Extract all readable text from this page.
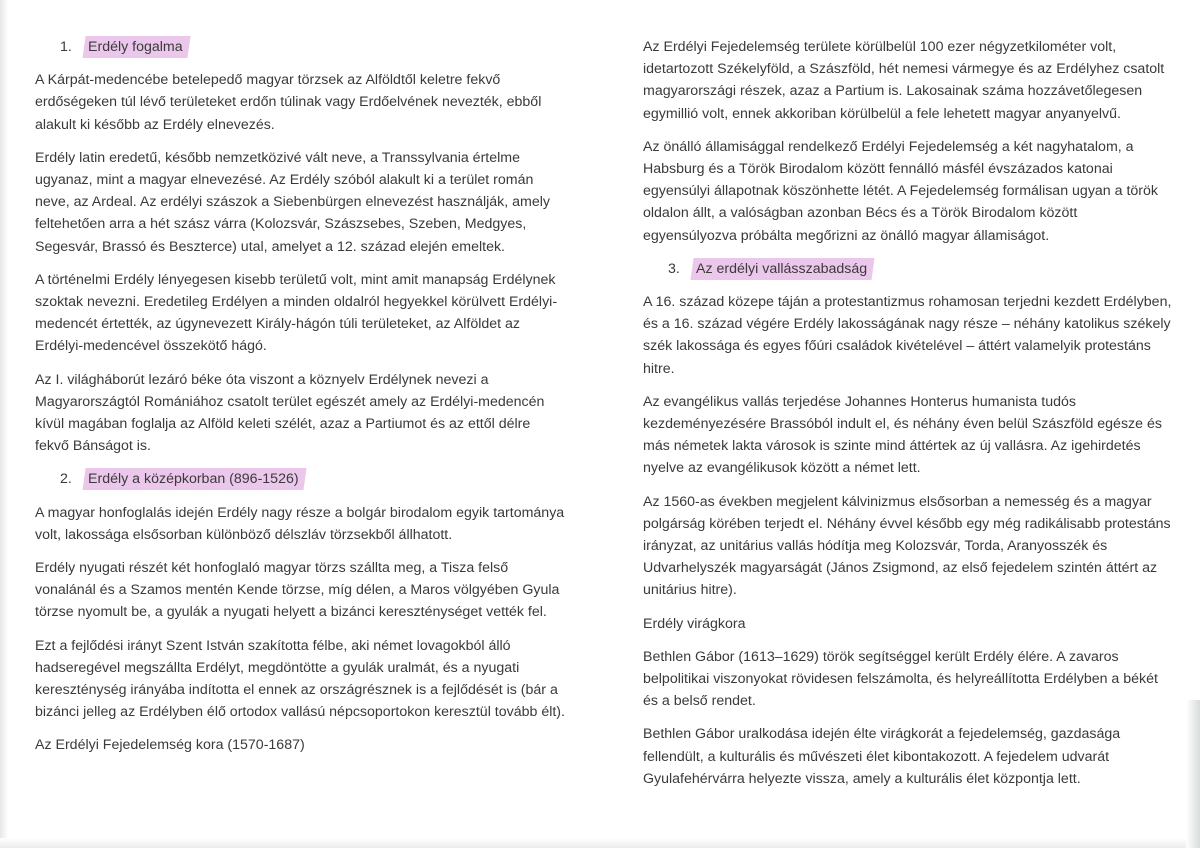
1.	Erdély fogalma

A Kárpát-medencébe betelepedő magyar törzsek az Alföldtől keletre fekvő erdőségeken túl lévő területeket erdőn túlinak vagy Erdőelvének nevezték, ebből alakult ki később az Erdély elnevezés.

Erdély latin eredetű, később nemzetközivé vált neve, a Transsylvania értelme ugyanaz, mint a magyar elnevezésé. Az Erdély szóból alakult ki a terület román neve, az Ardeal. Az erdélyi szászok a Siebenbürgen elnevezést használják, amely feltehetően arra a hét szász várra (Kolozsvár, Szászsebes, Szeben, Medgyes, Segesvár, Brassó és Beszterce) utal, amelyet a 12. század elején emeltek.

A történelmi Erdély lényegesen kisebb területű volt, mint amit manapság Erdélynek szoktak nevezni. Eredetileg Erdélyen a minden oldalról hegyekkel körülvett Erdélyi-medencét értették, az úgynevezett Király-hágón túli területeket, az Alföldet az Erdélyi-medencével összekötő hágó.

Az I. világháborút lezáró béke óta viszont a köznyelv Erdélynek nevezi a Magyarországtól Romániához csatolt terület egészét amely az Erdélyi-medencén kívül magában foglalja az Alföld keleti szélét, azaz a Partiumot és az ettől délre fekvő Bánságot is.

2.	Erdély a középkorban (896-1526)

A magyar honfoglalás idején Erdély nagy része a bolgár birodalom egyik tartománya volt, lakossága elsősorban különböző délszláv törzsekből állhatott.

Erdély nyugati részét két honfoglaló magyar törzs szállta meg, a Tisza felső vonalánál és a Szamos mentén Kende törzse, míg délen, a Maros völgyében Gyula törzse nyomult be, a gyulák a nyugati helyett a bizánci kereszténységet vették fel.

Ezt a fejlődési irányt Szent István szakította félbe, aki német lovagokból álló hadseregével megszállta Erdélyt, megdöntötte a gyulák uralmát, és a nyugati kereszténység irányába indította el ennek az országrésznek is a fejlődését is (bár a bizánci jelleg az Erdélyben élő ortodox vallású népcsoportokon keresztül tovább élt).

Az Erdélyi Fejedelemség kora (1570-1687)

Az Erdélyi Fejedelemség területe körülbelül 100 ezer négyzetkilométer volt, idetartozott Székelyföld, a Szászföld, hét nemesi vármegye és az Erdélyhez csatolt magyarországi részek, azaz a Partium is. Lakosainak száma hozzávetőlegesen egymillió volt, ennek akkoriban körülbelül a fele lehetett magyar anyanyelvű.

Az önálló államisággal rendelkező Erdélyi Fejedelemség a két nagyhatalom, a Habsburg és a Török Birodalom között fennálló másfél évszázados katonai egyensúlyi állapotnak köszönhette létét. A Fejedelemség formálisan ugyan a török oldalon állt, a valóságban azonban Bécs és a Török Birodalom között egyensúlyozva próbálta megőrizni az önálló magyar államiságot.

3.	Az erdélyi vallásszabadság

A 16. század közepe táján a protestantizmus rohamosan terjedni kezdett Erdélyben, és a 16. század végére Erdély lakosságának nagy része – néhány katolikus székely szék lakossága és egyes főúri családok kivételével – áttért valamelyik protestáns hitre.

Az evangélikus vallás terjedése Johannes Honterus humanista tudós kezdeményezésére Brassóból indult el, és néhány éven belül Szászföld egésze és más németek lakta városok is szinte mind áttértek az új vallásra. Az igehirdetés nyelve az evangélikusok között a német lett.

Az 1560-as években megjelent kálvinizmus elsősorban a nemesség és a magyar polgárság körében terjedt el. Néhány évvel később egy még radikálisabb protestáns irányzat, az unitárius vallás hódítja meg Kolozsvár, Torda, Aranyosszék és Udvarhelyszék magyarságát (János Zsigmond, az első fejedelem szintén áttért az unitárius hitre).

Erdély virágkora

Bethlen Gábor (1613–1629) török segítséggel került Erdély élére. A zavaros belpolitikai viszonyokat rövidesen felszámolta, és helyreállította Erdélyben a békét és a belső rendet.

Bethlen Gábor uralkodása idején élte virágkorát a fejedelemség, gazdasága fellendült, a kulturális és művészeti élet kibontakozott. A fejedelem udvarát Gyulafehérvárra helyezte vissza, amely a kulturális élet központja lett.
